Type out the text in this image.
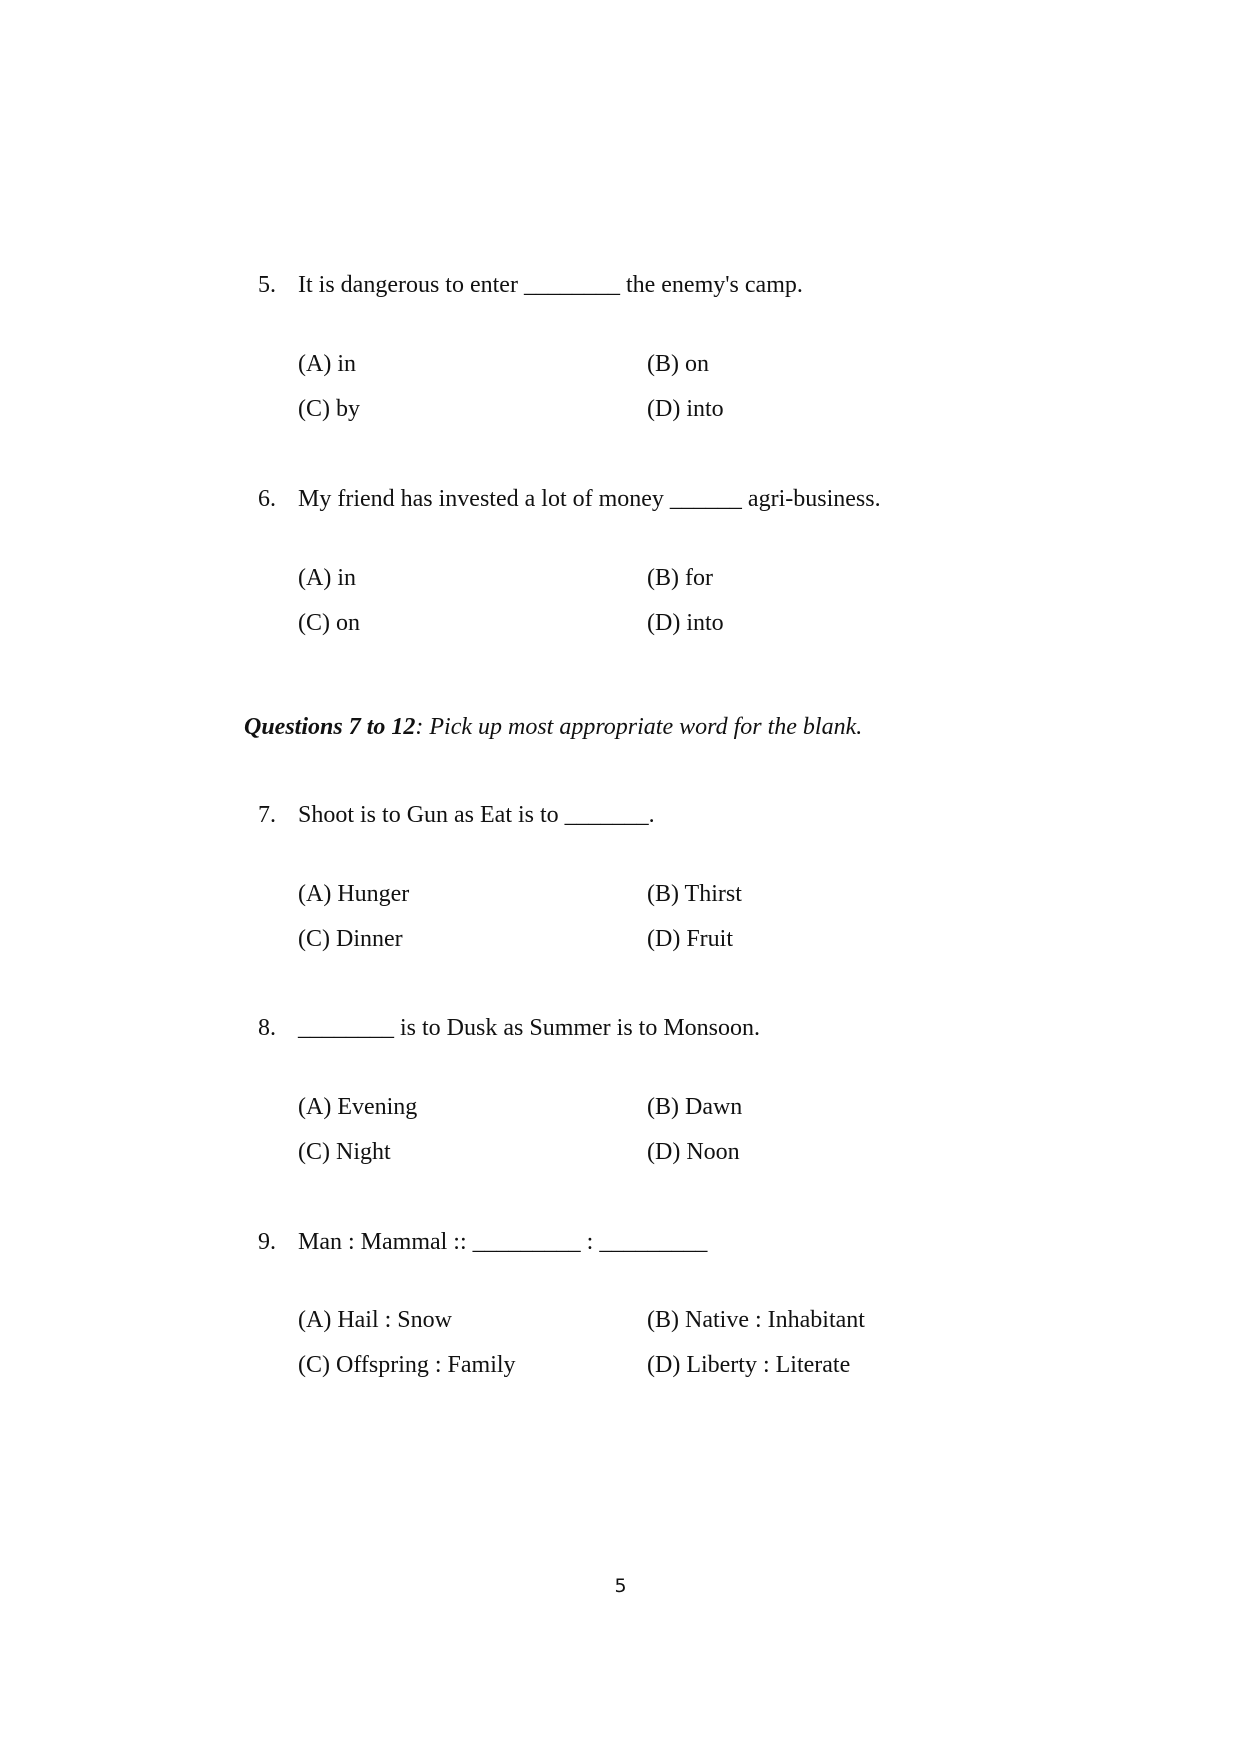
5. It is dangerous to enter ________ the enemy's camp.
(A) in	(B) on
(C) by	(D) into
6. My friend has invested a lot of money ______ agri-business.
(A) in	(B) for
(C) on	(D) into
Questions 7 to 12: Pick up most appropriate word for the blank.
7. Shoot is to Gun as Eat is to _______.
(A) Hunger	(B) Thirst
(C) Dinner	(D) Fruit
8. ________ is to Dusk as Summer is to Monsoon.
(A) Evening	(B) Dawn
(C) Night	(D) Noon
9. Man : Mammal :: _________ : _________
(A) Hail : Snow	(B) Native : Inhabitant
(C) Offspring : Family	(D) Liberty : Literate
5
